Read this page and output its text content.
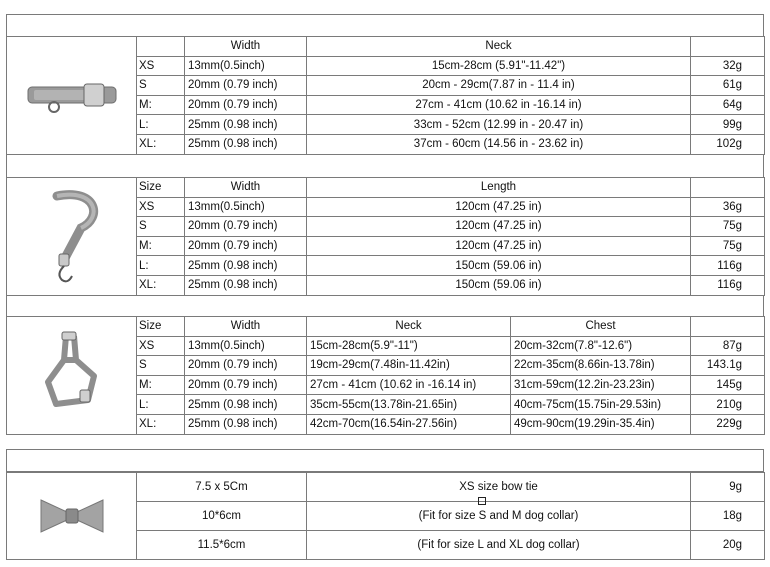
		Width	Neck	
	XS	13mm(0.5inch)	15cm-28cm (5.91"-11.42")	32g
	S	20mm (0.79 inch)	20cm - 29cm(7.87 in - 11.4 in)	61g
	M:	20mm (0.79 inch)	27cm - 41cm (10.62 in -16.14 in)	64g
	L:	25mm (0.98 inch)	33cm - 52cm (12.99 in - 20.47 in)	99g
	XL:	25mm (0.98 inch)	37cm - 60cm (14.56 in - 23.62 in)	102g
	Size	Width	Length	
	XS	13mm(0.5inch)	120cm (47.25 in)	36g
	S	20mm (0.79 inch)	120cm (47.25 in)	75g
	M:	20mm (0.79 inch)	120cm (47.25 in)	75g
	L:	25mm (0.98 inch)	150cm (59.06 in)	116g
	XL:	25mm (0.98 inch)	150cm (59.06 in)	116g
	Size	Width	Neck	Chest	
	XS	13mm(0.5inch)	15cm-28cm(5.9"-11")	20cm-32cm(7.8"-12.6")	87g
	S	20mm (0.79 inch)	19cm-29cm(7.48in-11.42in)	22cm-35cm(8.66in-13.78in)	143.1g
	M:	20mm (0.79 inch)	27cm - 41cm (10.62 in -16.14 in)	31cm-59cm(12.2in-23.23in)	145g
	L:	25mm (0.98 inch)	35cm-55cm(13.78in-21.65in)	40cm-75cm(15.75in-29.53in)	210g
	XL:	25mm (0.98 inch)	42cm-70cm(16.54in-27.56in)	49cm-90cm(19.29in-35.4in)	229g
	7.5 x 5Cm	XS size bow tie	9g
	10*6cm	(Fit for size S and M dog collar)	18g
	11.5*6cm	(Fit for size L and XL dog collar)	20g
